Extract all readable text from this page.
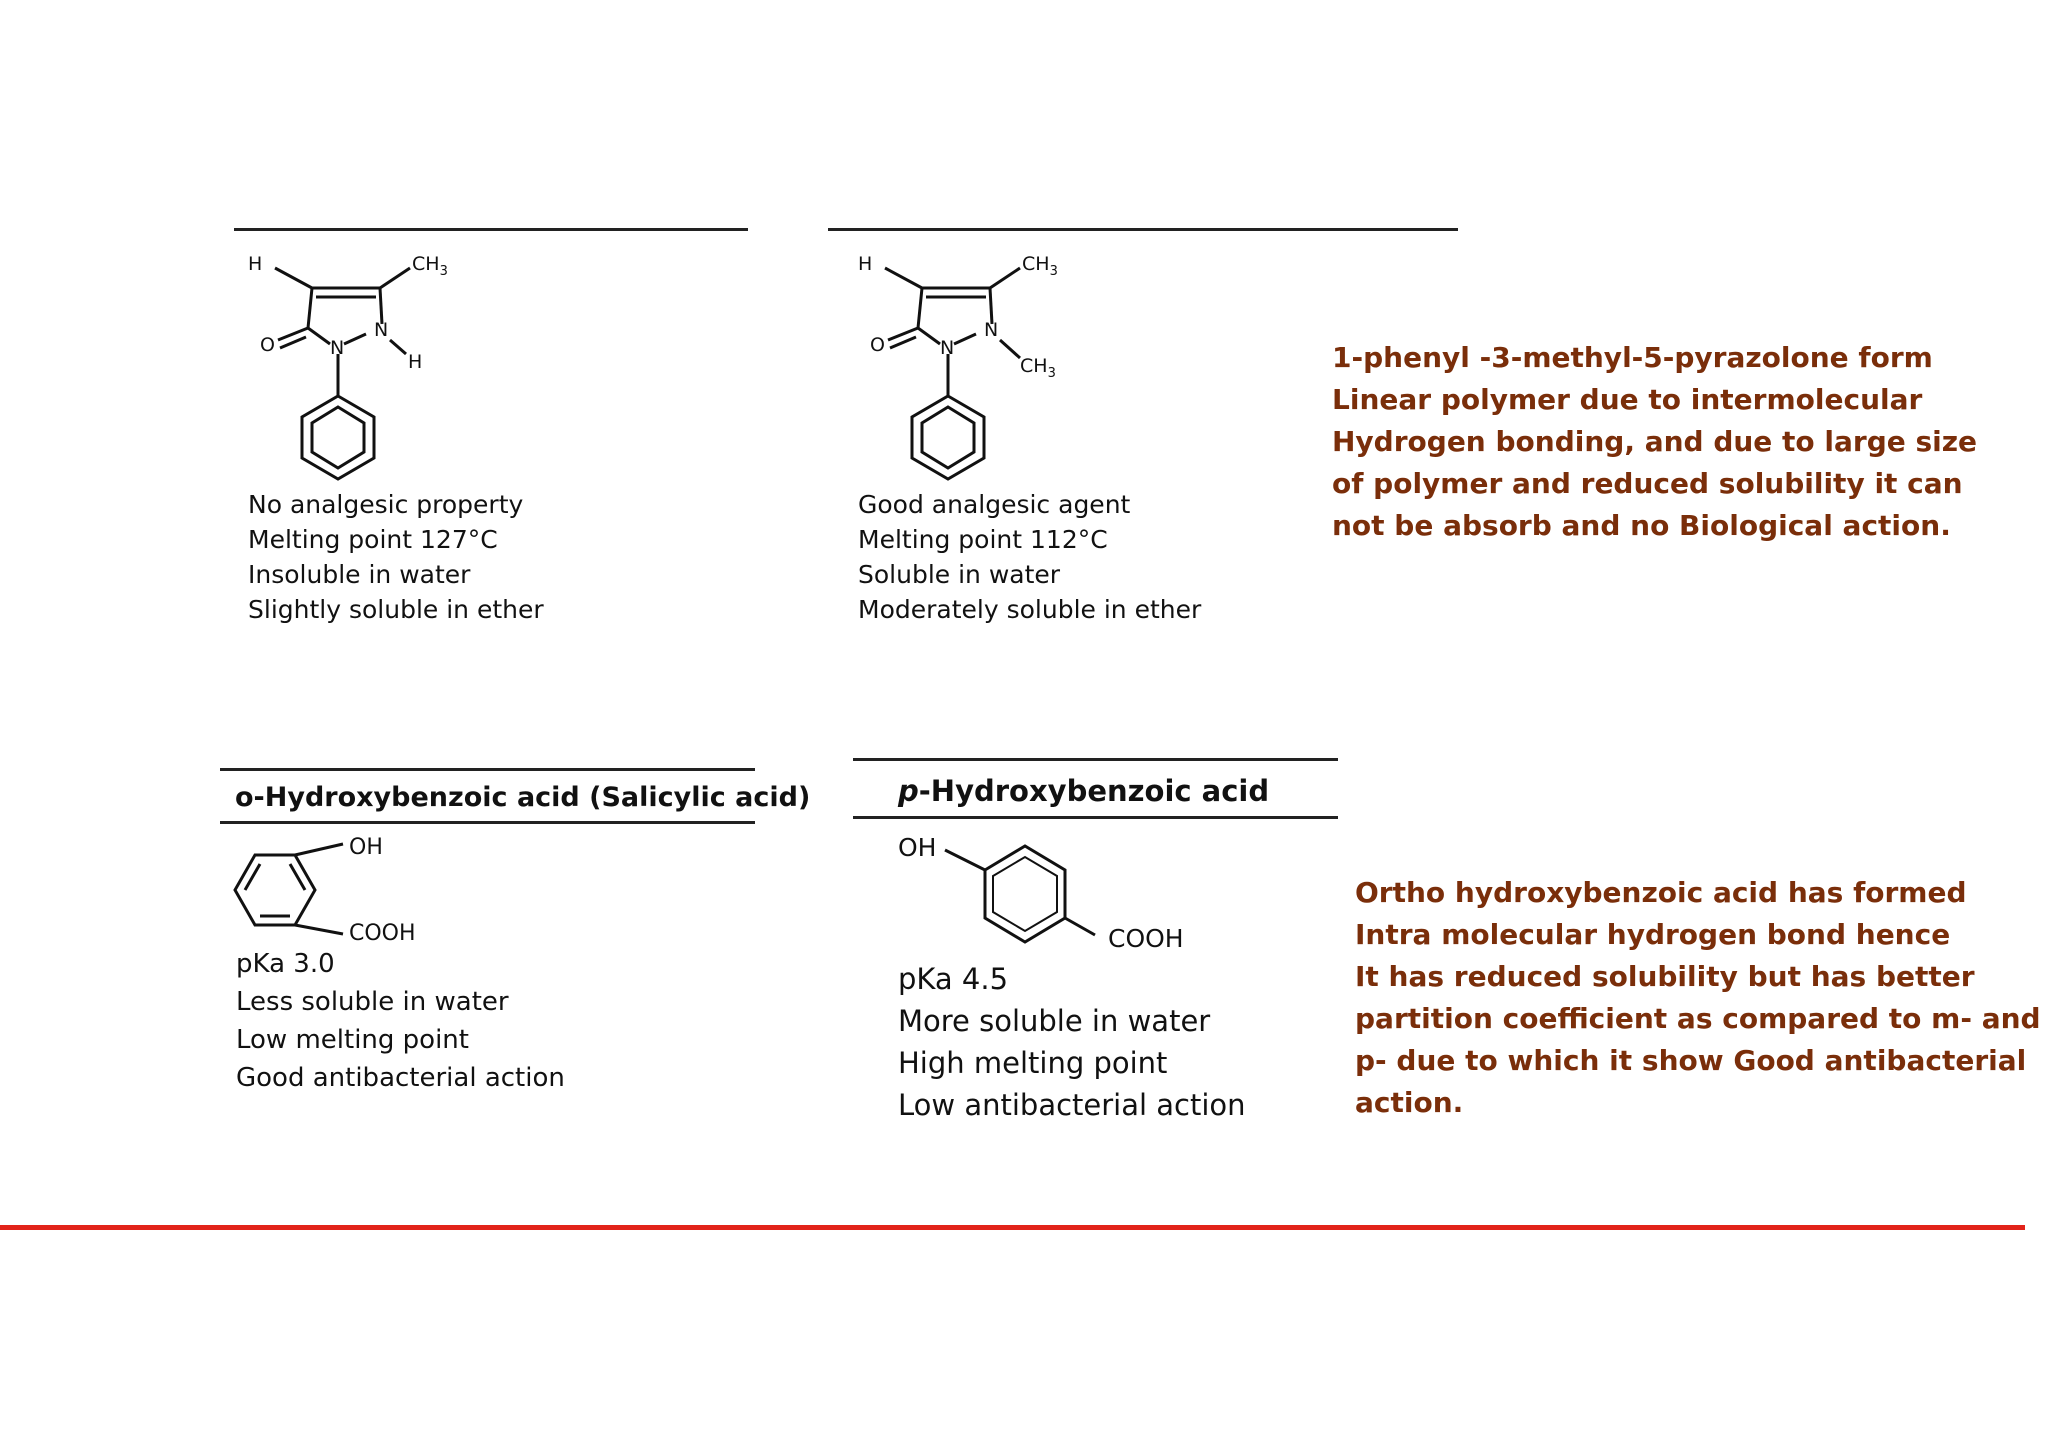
H	$CH_3$
O	N
N
H
No analgesic property
Melting point 127°C
Insoluble in water
Slightly soluble in ether
H	$CH_3$
O	N
N
$CH_3$
Good analgesic agent
Melting point 112°C
Soluble in water
Moderately soluble in ether
1-phenyl -3-methyl-5-pyrazolone form
Linear polymer due to intermolecular
Hydrogen bonding, and due to large size
of polymer and reduced solubility it can
not be absorb and no Biological action.
o-Hydroxybenzoic acid (Salicylic acid)
OH
COOH
pKa 3.0
Less soluble in water
Low melting point
Good antibacterial action
p-Hydroxybenzoic acid
OH
COOH
pKa 4.5
More soluble in water
High melting point
Low antibacterial action
Ortho hydroxybenzoic acid has formed
Intra molecular hydrogen bond hence
It has reduced solubility but has better
partition coefficient as compared to m- and
p- due to which it show Good antibacterial
action.
